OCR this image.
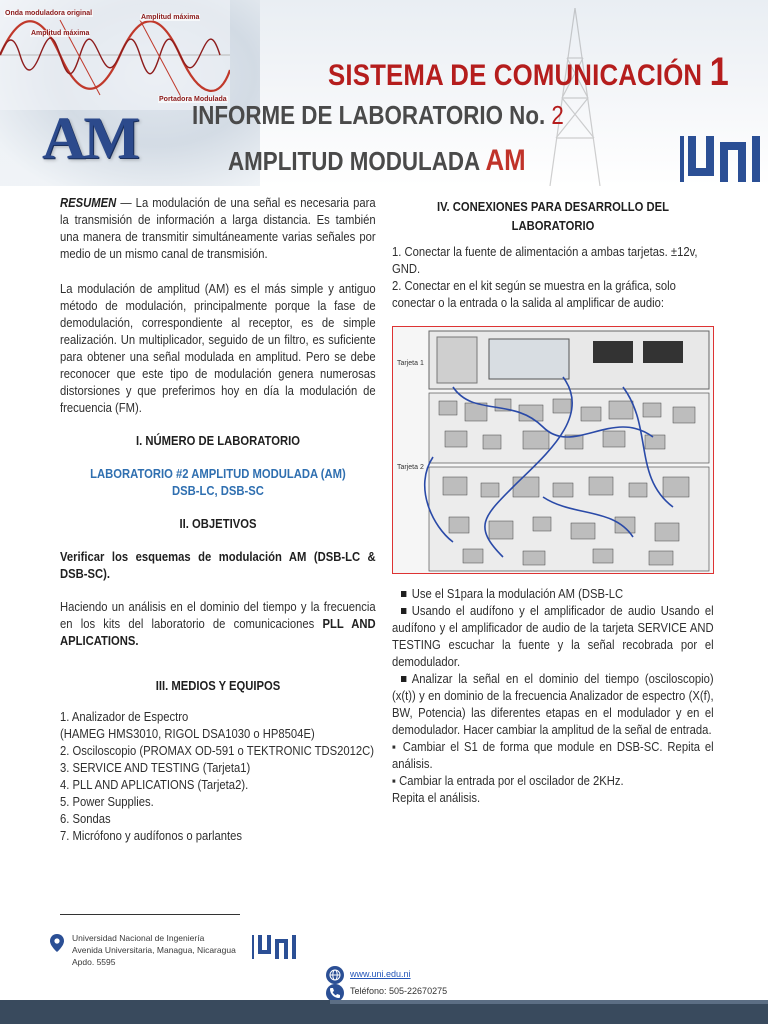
Onda moduladora original
Amplitud máxima
Amplitud máxima
Portadora Modulada
AM
SISTEMA DE COMUNICACIÓN 1
INFORME DE LABORATORIO No. 2
AMPLITUD MODULADA AM
RESUMEN — La modulación de una señal es necesaria para la transmisión de información a larga distancia. Es también una manera de transmitir simultáneamente varias señales por medio de un mismo canal de transmisión.
La modulación de amplitud (AM) es el más simple y antiguo método de modulación, principalmente porque la fase de demodulación, correspondiente al receptor, es de simple realización. Un multiplicador, seguido de un filtro, es suficiente para obtener una señal modulada en amplitud. Pero se debe reconocer que este tipo de modulación genera numerosas distorsiones y que preferimos hoy en día la modulación de frecuencia (FM).
I. NÚMERO DE LABORATORIO
LABORATORIO #2 AMPLITUD MODULADA (AM) DSB-LC, DSB-SC
II. OBJETIVOS
Verificar los esquemas de modulación AM (DSB-LC & DSB-SC).
Haciendo un análisis en el dominio del tiempo y la frecuencia en los kits del laboratorio de comunicaciones PLL AND APLICATIONS.
III. MEDIOS Y EQUIPOS
1. Analizador de Espectro
(HAMEG HMS3010, RIGOL DSA1030 o HP8504E)
2. Osciloscopio (PROMAX OD-591 o TEKTRONIC TDS2012C)
3. SERVICE AND TESTING (Tarjeta1)
4. PLL AND APLICATIONS (Tarjeta2).
5. Power Supplies.
6. Sondas
7. Micrófono y audífonos o parlantes
IV. CONEXIONES PARA DESARROLLO DEL
LABORATORIO
1. Conectar la fuente de alimentación a ambas tarjetas. ±12v, GND.
2. Conectar en el kit según se muestra en la gráfica, solo conectar o la entrada o la salida al amplificar de audio:
Tarjeta 1
Tarjeta 2
Use el S1para la modulación AM (DSB-LC
Usando el audífono y el amplificador de audio Usando el audífono y el amplificador de audio de la tarjeta SERVICE AND TESTING escuchar la fuente y la señal recobrada por el demodulador.
Analizar la señal en el dominio del tiempo (osciloscopio)(x(t)) y en dominio de la frecuencia Analizador de espectro (X(f), BW, Potencia) las diferentes etapas en el modulador y en el demodulador. Hacer cambiar la amplitud de la señal de entrada.
▪ Cambiar el S1 de forma que module en DSB-SC. Repita el análisis.
▪ Cambiar la entrada por el oscilador de 2KHz.
Repita el análisis.
Universidad Nacional de Ingeniería
Avenida Universitaria, Managua, Nicaragua
Apdo. 5595
www.uni.edu.ni
Teléfono: 505-22670275
